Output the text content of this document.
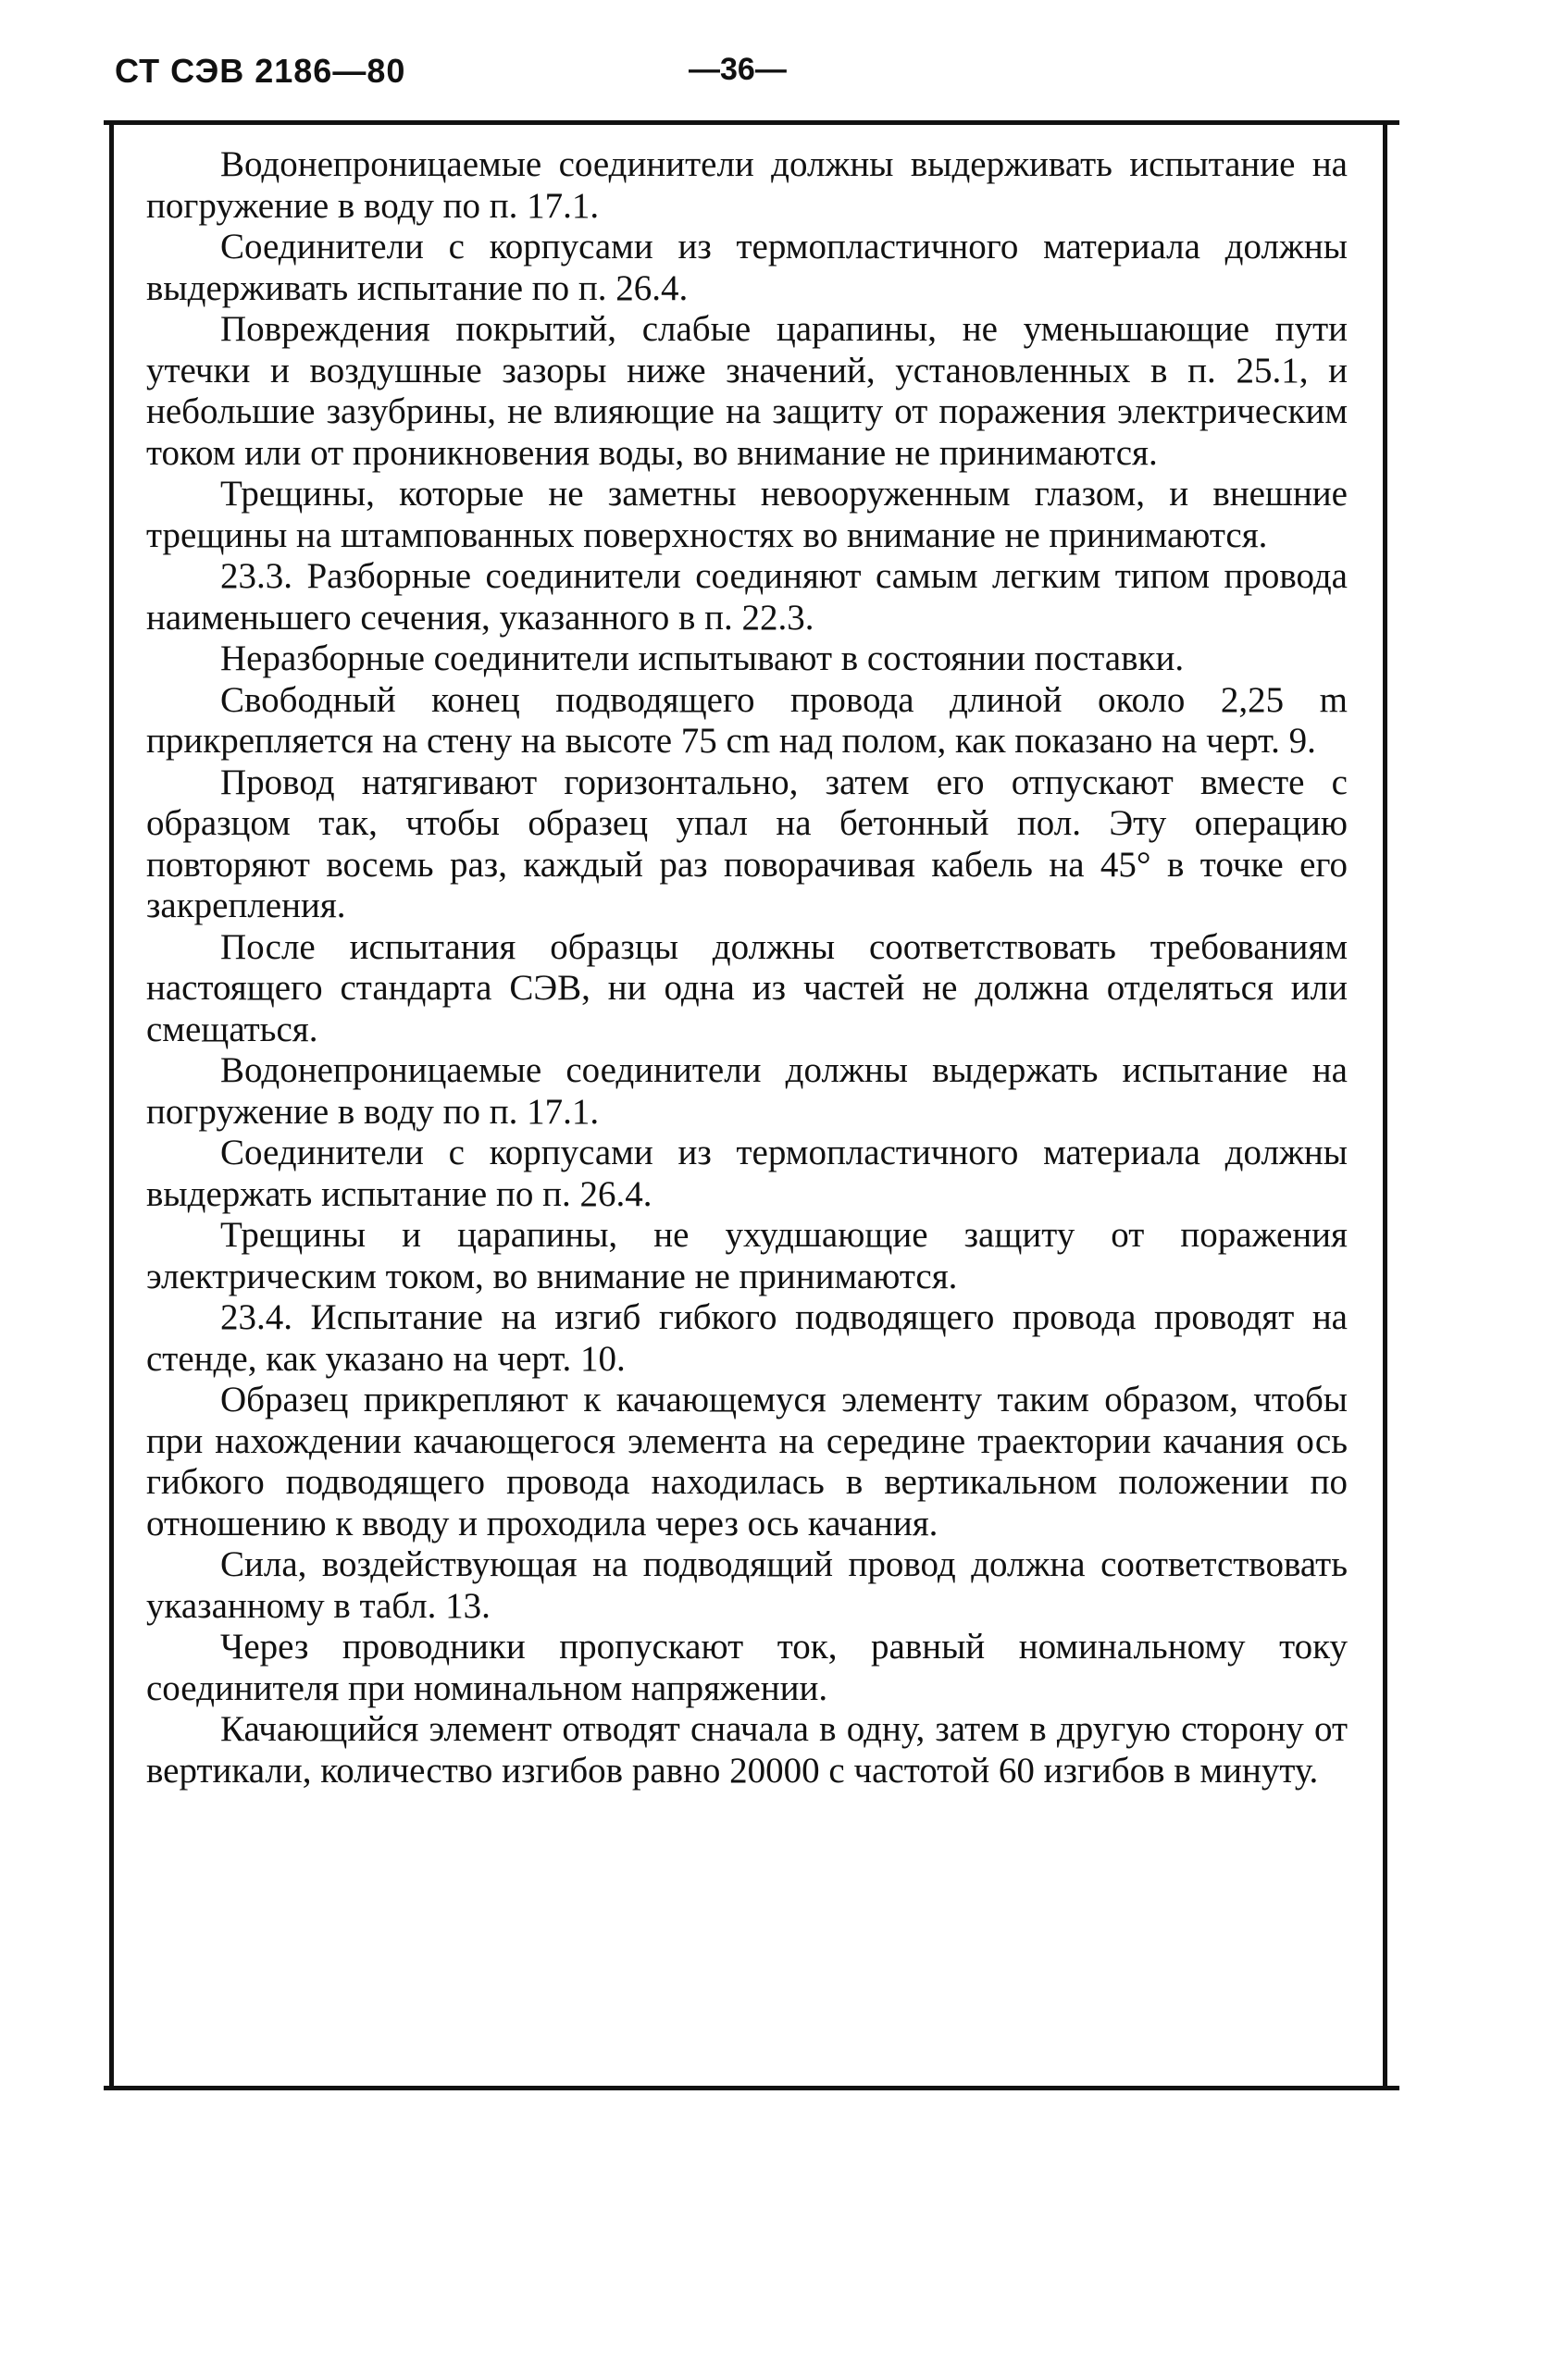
СТ СЭВ 2186—80	—36—

Водонепроницаемые соединители должны выдерживать испытание на погружение в воду по п. 17.1.

Соединители с корпусами из термопластичного материала должны выдерживать испытание по п. 26.4.

Повреждения покрытий, слабые царапины, не уменьшающие пути утечки и воздушные зазоры ниже значений, установленных в п. 25.1, и небольшие зазубрины, не влияющие на защиту от поражения электрическим током или от проникновения воды, во внимание не принимаются.

Трещины, которые не заметны невооруженным глазом, и внешние трещины на штампованных поверхностях во внимание не принимаются.

23.3. Разборные соединители соединяют самым легким типом провода наименьшего сечения, указанного в п. 22.3.

Неразборные соединители испытывают в состоянии поставки.

Свободный конец подводящего провода длиной около 2,25 m прикрепляется на стену на высоте 75 cm над полом, как показано на черт. 9.

Провод натягивают горизонтально, затем его отпускают вместе с образцом так, чтобы образец упал на бетонный пол. Эту операцию повторяют восемь раз, каждый раз поворачивая кабель на 45° в точке его закрепления.

После испытания образцы должны соответствовать требованиям настоящего стандарта СЭВ, ни одна из частей не должна отделяться или смещаться.

Водонепроницаемые соединители должны выдержать испытание на погружение в воду по п. 17.1.

Соединители с корпусами из термопластичного материала должны выдержать испытание по п. 26.4.

Трещины и царапины, не ухудшающие защиту от поражения электрическим током, во внимание не принимаются.

23.4. Испытание на изгиб гибкого подводящего провода проводят на стенде, как указано на черт. 10.

Образец прикрепляют к качающемуся элементу таким образом, чтобы при нахождении качающегося элемента на середине траектории качания ось гибкого подводящего провода находилась в вертикальном положении по отношению к вводу и проходила через ось качания.

Сила, воздействующая на подводящий провод должна соответствовать указанному в табл. 13.

Через проводники пропускают ток, равный номинальному току соединителя при номинальном напряжении.

Качающийся элемент отводят сначала в одну, затем в другую сторону от вертикали, количество изгибов равно 20000 с частотой 60 изгибов в минуту.
